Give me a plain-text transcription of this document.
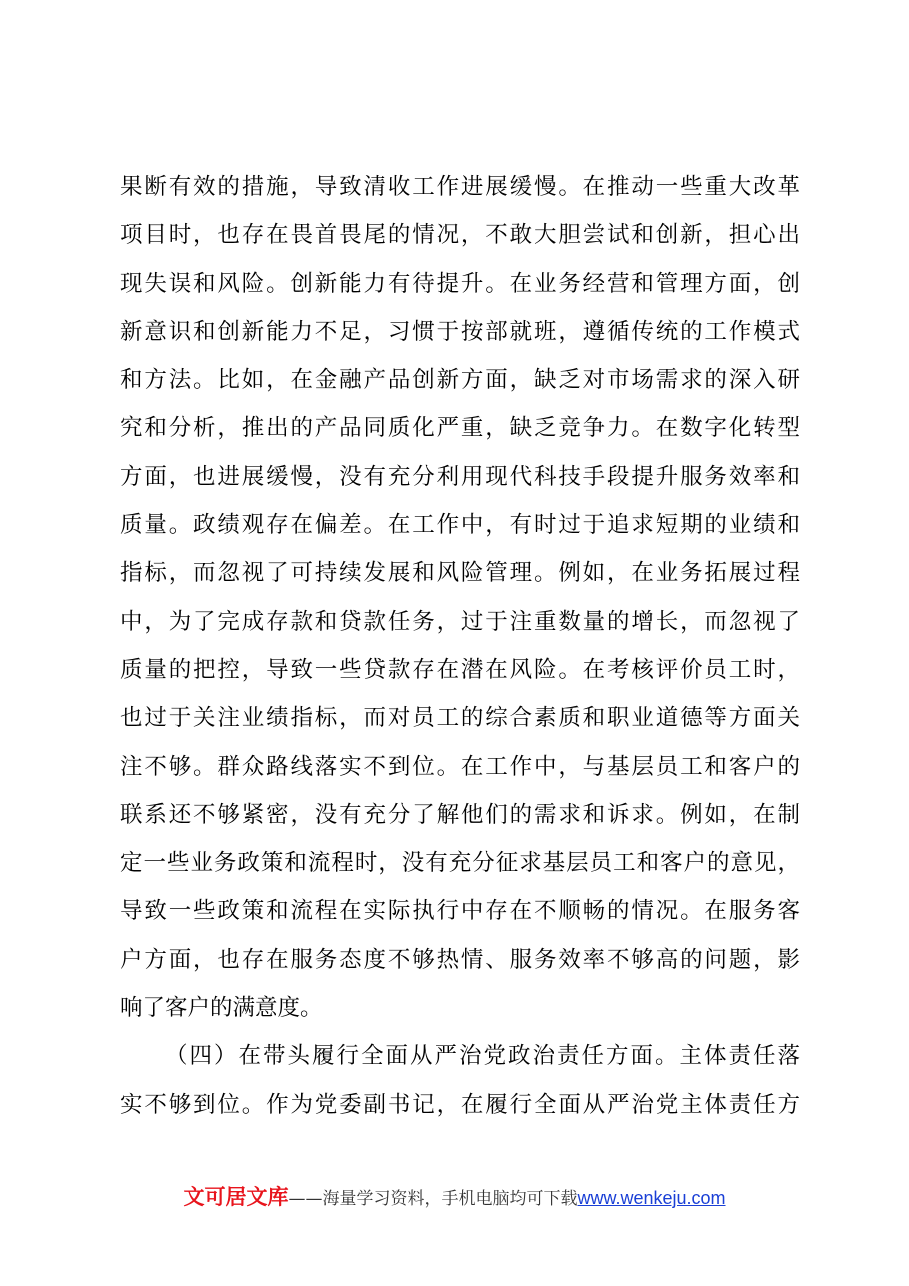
果断有效的措施，导致清收工作进展缓慢。在推动一些重大改革
项目时，也存在畏首畏尾的情况，不敢大胆尝试和创新，担心出
现失误和风险。创新能力有待提升。在业务经营和管理方面，创
新意识和创新能力不足，习惯于按部就班，遵循传统的工作模式
和方法。比如，在金融产品创新方面，缺乏对市场需求的深入研
究和分析，推出的产品同质化严重，缺乏竞争力。在数字化转型
方面，也进展缓慢，没有充分利用现代科技手段提升服务效率和
质量。政绩观存在偏差。在工作中，有时过于追求短期的业绩和
指标，而忽视了可持续发展和风险管理。例如，在业务拓展过程
中，为了完成存款和贷款任务，过于注重数量的增长，而忽视了
质量的把控，导致一些贷款存在潜在风险。在考核评价员工时，
也过于关注业绩指标，而对员工的综合素质和职业道德等方面关
注不够。群众路线落实不到位。在工作中，与基层员工和客户的
联系还不够紧密，没有充分了解他们的需求和诉求。例如，在制
定一些业务政策和流程时，没有充分征求基层员工和客户的意见，
导致一些政策和流程在实际执行中存在不顺畅的情况。在服务客
户方面，也存在服务态度不够热情、服务效率不够高的问题，影
响了客户的满意度。
（四）在带头履行全面从严治党政治责任方面。主体责任落
实不够到位。作为党委副书记，在履行全面从严治党主体责任方
文可居文库——海量学习资料，手机电脑均可下载www.wenkeju.com
